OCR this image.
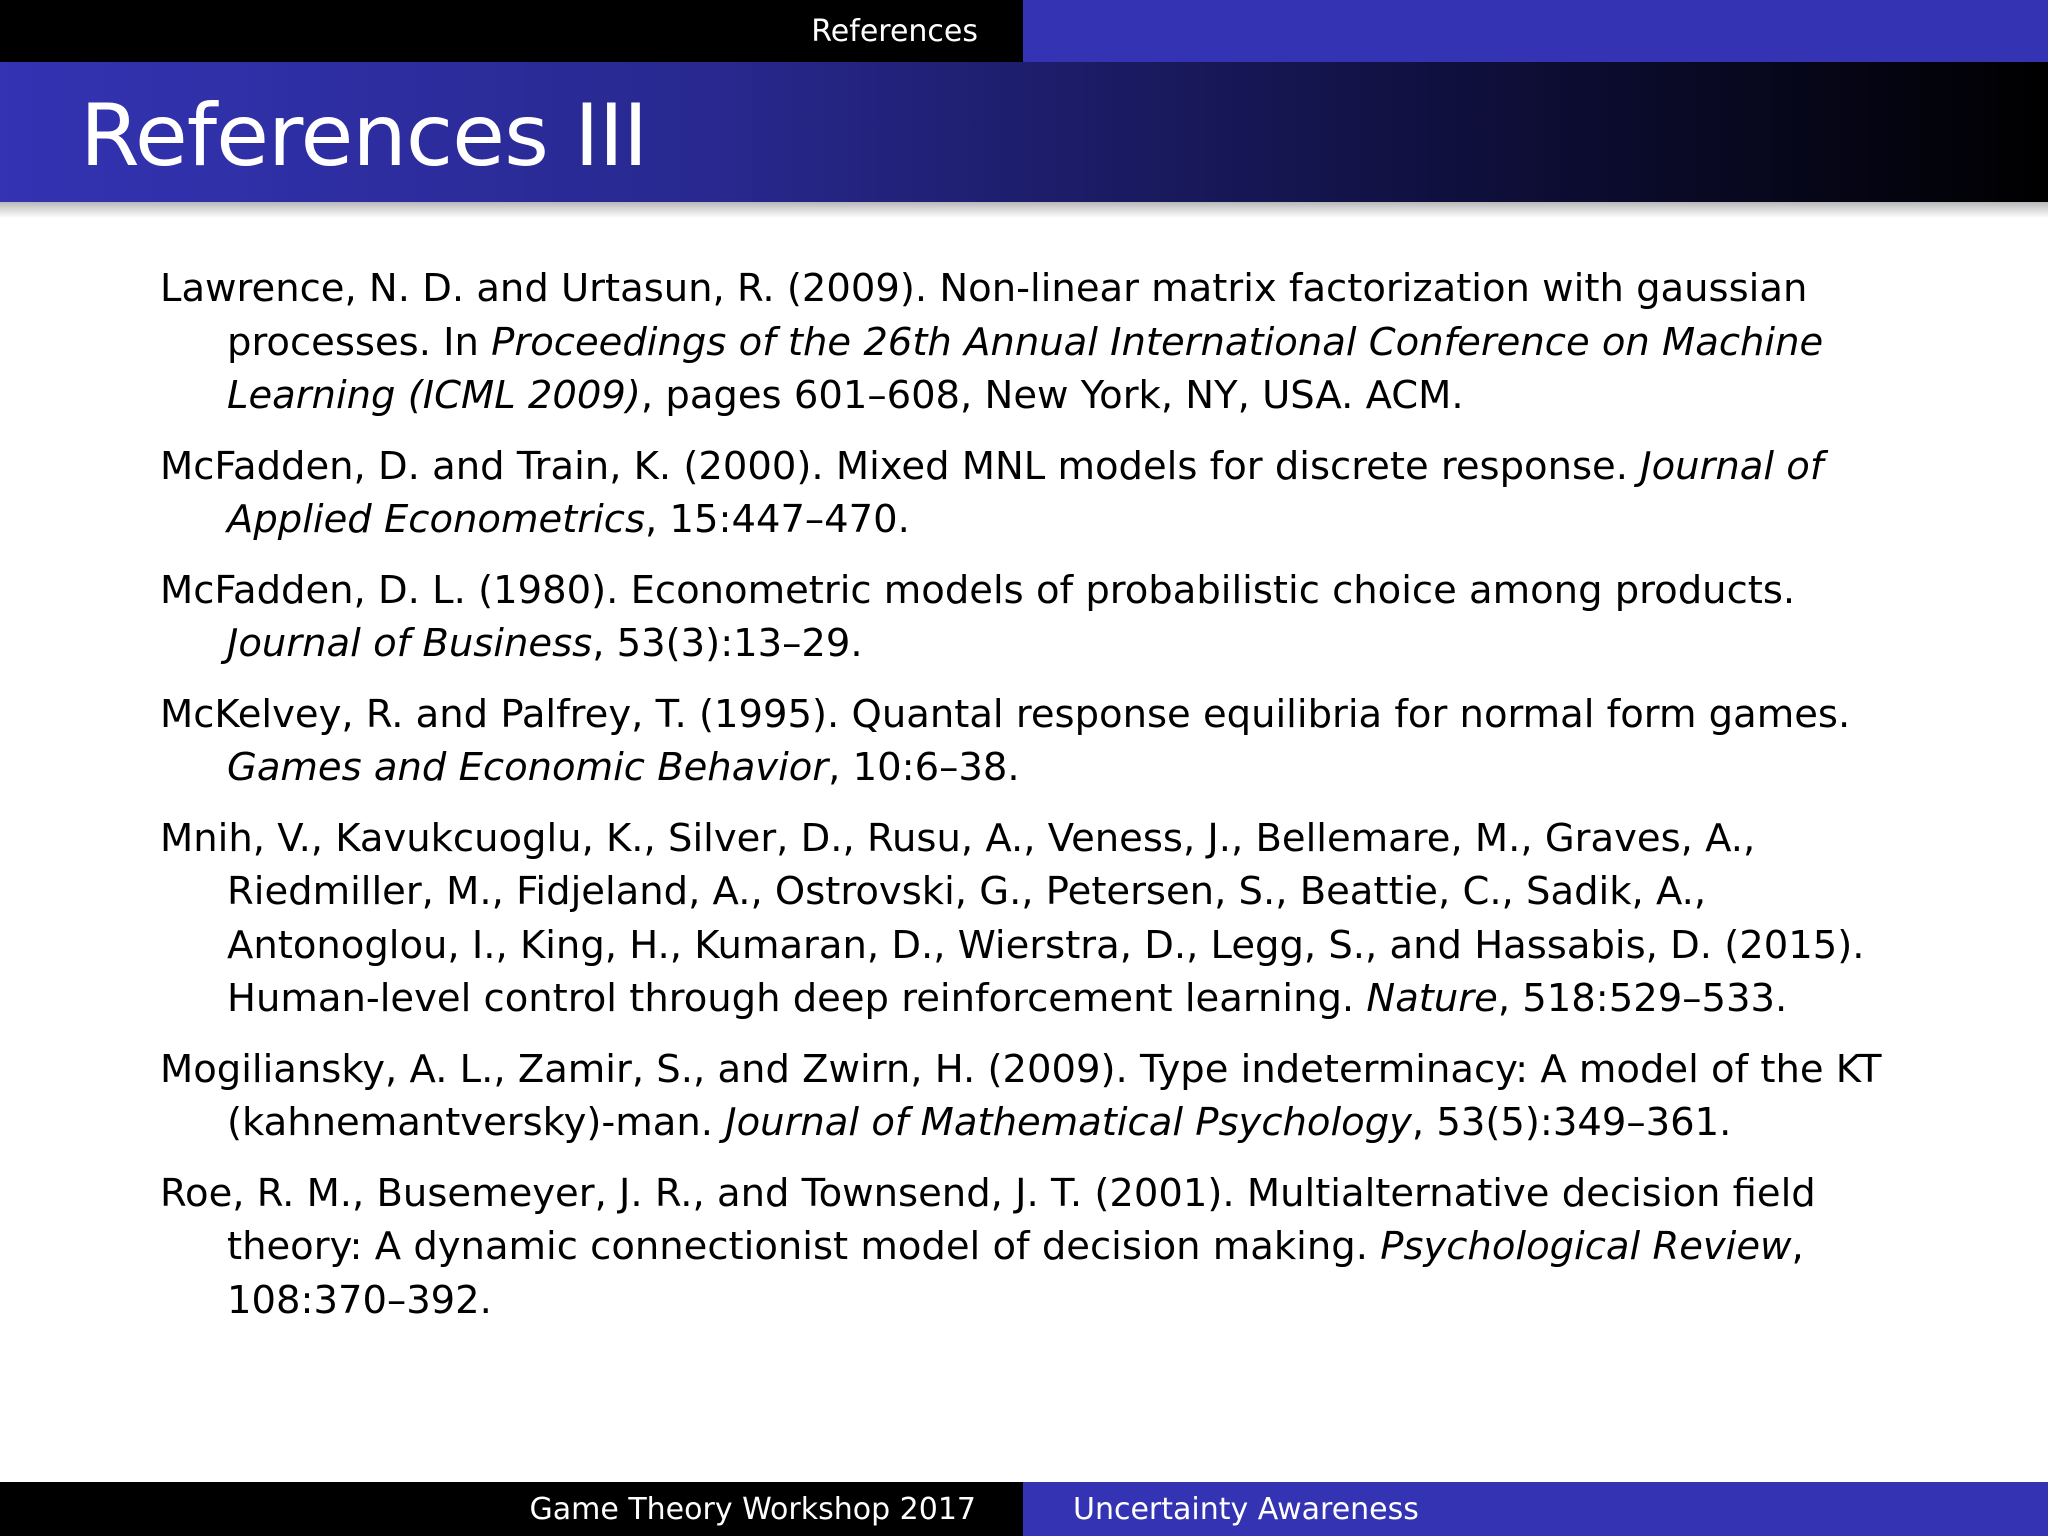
References
References III
Lawrence, N. D. and Urtasun, R. (2009). Non-linear matrix factorization with gaussian processes. In Proceedings of the 26th Annual International Conference on Machine Learning (ICML 2009), pages 601–608, New York, NY, USA. ACM.
McFadden, D. and Train, K. (2000). Mixed MNL models for discrete response. Journal of Applied Econometrics, 15:447–470.
McFadden, D. L. (1980). Econometric models of probabilistic choice among products. Journal of Business, 53(3):13–29.
McKelvey, R. and Palfrey, T. (1995). Quantal response equilibria for normal form games. Games and Economic Behavior, 10:6–38.
Mnih, V., Kavukcuoglu, K., Silver, D., Rusu, A., Veness, J., Bellemare, M., Graves, A., Riedmiller, M., Fidjeland, A., Ostrovski, G., Petersen, S., Beattie, C., Sadik, A., Antonoglou, I., King, H., Kumaran, D., Wierstra, D., Legg, S., and Hassabis, D. (2015). Human-level control through deep reinforcement learning. Nature, 518:529–533.
Mogiliansky, A. L., Zamir, S., and Zwirn, H. (2009). Type indeterminacy: A model of the KT (kahnemantversky)-man. Journal of Mathematical Psychology, 53(5):349–361.
Roe, R. M., Busemeyer, J. R., and Townsend, J. T. (2001). Multialternative decision field theory: A dynamic connectionist model of decision making. Psychological Review, 108:370–392.
Game Theory Workshop 2017	Uncertainty Awareness
